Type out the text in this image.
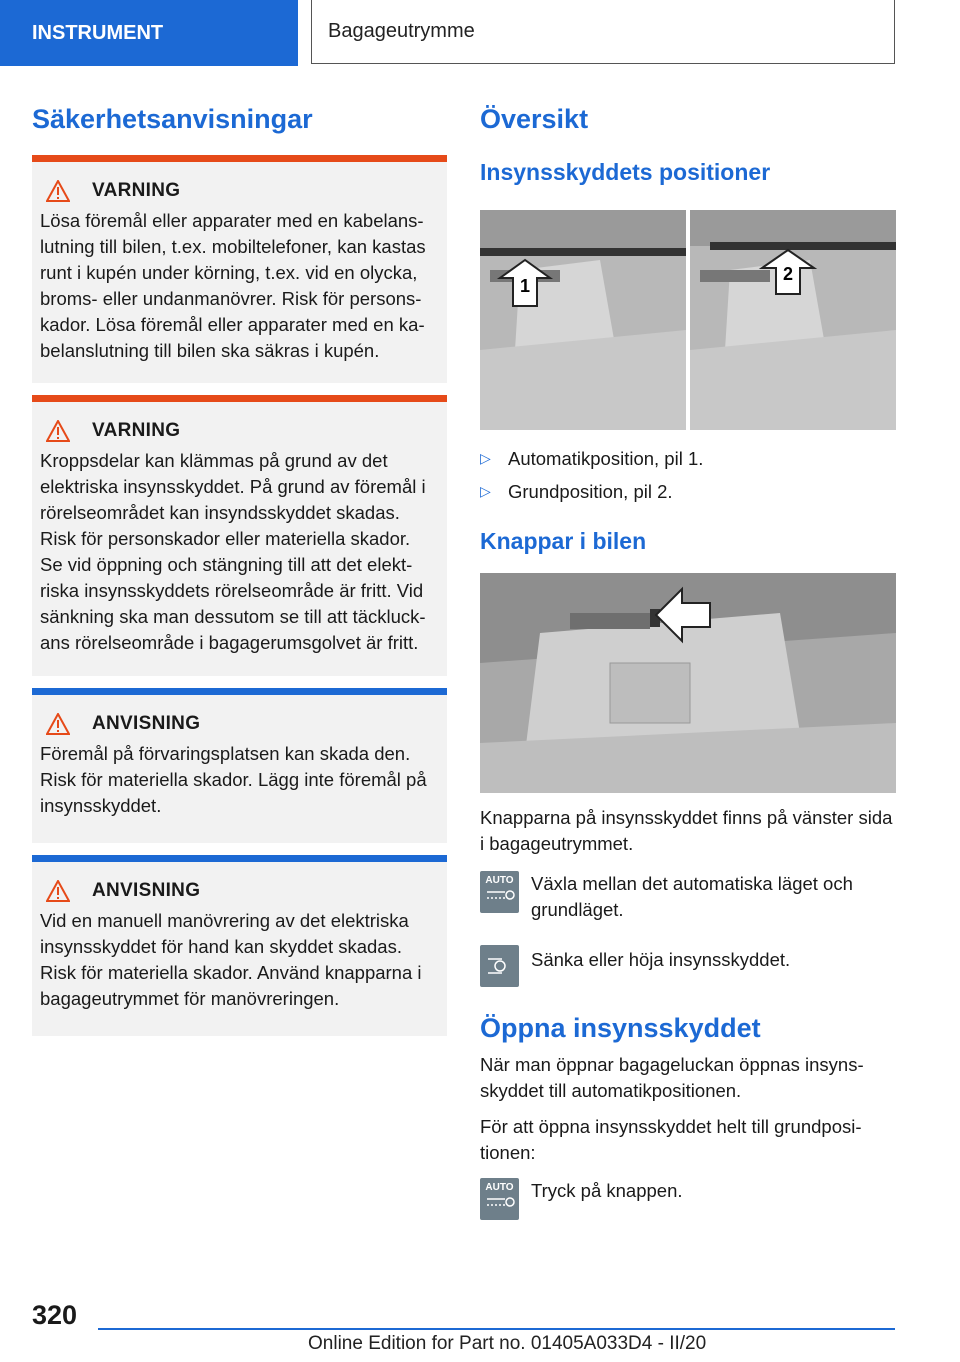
INSTRUMENT	Bagageutrymme
Säkerhetsanvisningar
VARNING

Lösa föremål eller apparater med en kabelanslutning till bilen, t.ex. mobiltelefoner, kan kastas runt i kupén under körning, t.ex. vid en olycka, broms- eller undanmanövrer. Risk för personskador. Lösa föremål eller apparater med en kabelanslutning till bilen ska säkras i kupén.

VARNING

Kroppsdelar kan klämmas på grund av det elektriska insynsskyddet. På grund av föremål i rörelseområdet kan insyndsskyddet skadas. Risk för personskador eller materiella skador. Se vid öppning och stängning till att det elektriska insynsskyddets rörelseområde är fritt. Vid sänkning ska man dessutom se till att täckluckans rörelseområde i bagagerumsgolvet är fritt.

ANVISNING

Föremål på förvaringsplatsen kan skada den. Risk för materiella skador. Lägg inte föremål på insynsskyddet.

ANVISNING

Vid en manuell manövrering av det elektriska insynsskyddet för hand kan skyddet skadas. Risk för materiella skador. Använd knapparna i bagageutrymmet för manövreringen.

Översikt
Insynsskyddets positioner
1
2
▷ Automatikposition, pil 1.
▷ Grundposition, pil 2.
Knappar i bilen

Knapparna på insynsskyddet finns på vänster sida i bagageutrymmet.

AUTO Växla mellan det automatiska läget och grundläget.

Sänka eller höja insynsskyddet.

Öppna insynsskyddet

När man öppnar bagageluckan öppnas insynsskyddet till automatikpositionen.

För att öppna insynsskyddet helt till grundpositionen:

AUTO Tryck på knappen.

320
Online Edition for Part no. 01405A033D4 - II/20
